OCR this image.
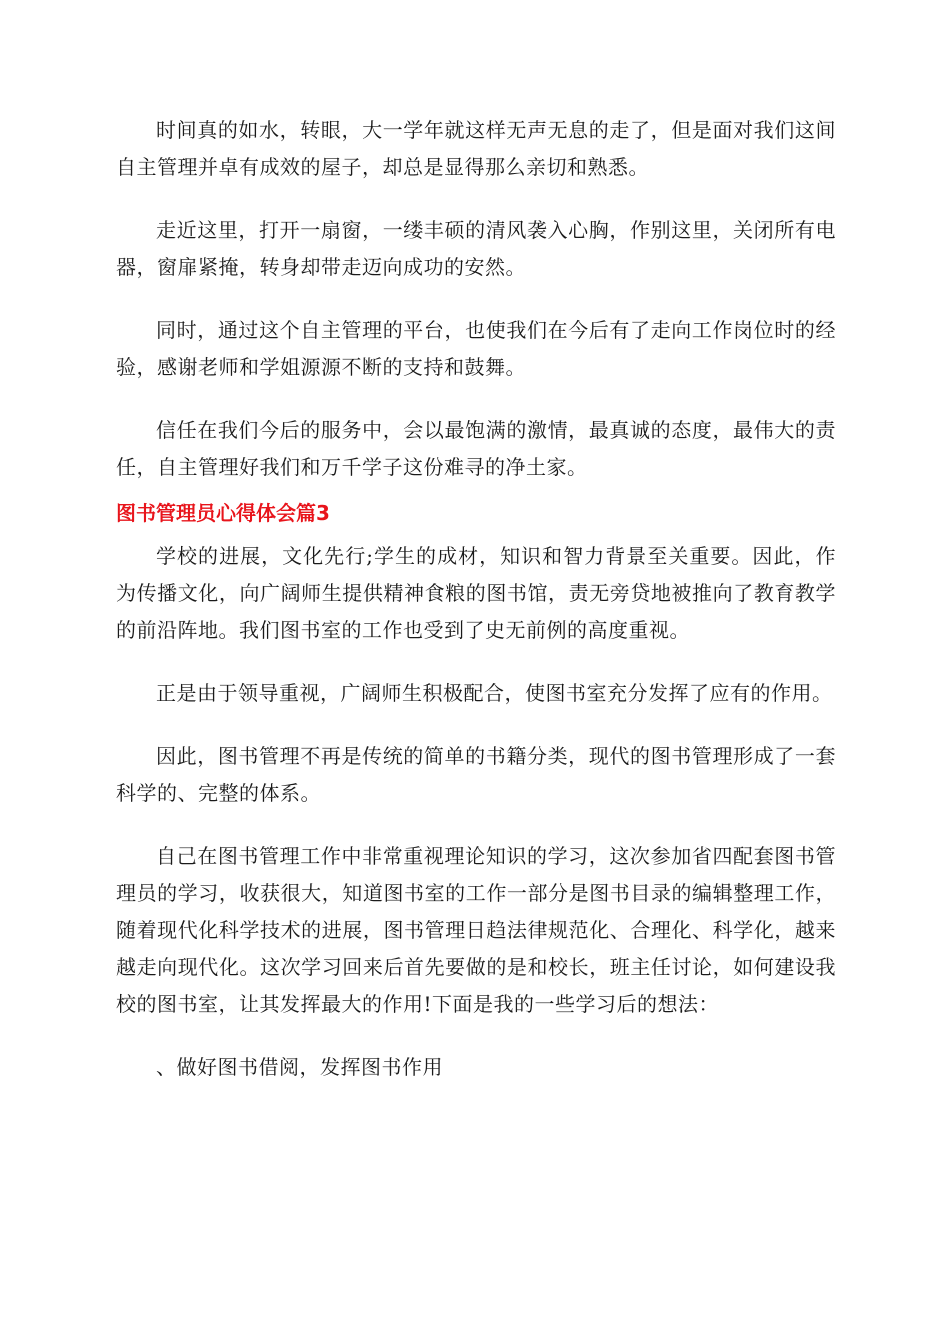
时间真的如水，转眼，大一学年就这样无声无息的走了，但是面对我们这间自主管理并卓有成效的屋子，却总是显得那么亲切和熟悉。

走近这里，打开一扇窗，一缕丰硕的清风袭入心胸，作别这里，关闭所有电器，窗扉紧掩，转身却带走迈向成功的安然。

同时，通过这个自主管理的平台，也使我们在今后有了走向工作岗位时的经验，感谢老师和学姐源源不断的支持和鼓舞。

信任在我们今后的服务中，会以最饱满的激情，最真诚的态度，最伟大的责任，自主管理好我们和万千学子这份难寻的净土家。

图书管理员心得体会篇3

学校的进展，文化先行;学生的成材，知识和智力背景至关重要。因此，作为传播文化，向广阔师生提供精神食粮的图书馆，责无旁贷地被推向了教育教学的前沿阵地。我们图书室的工作也受到了史无前例的高度重视。

正是由于领导重视，广阔师生积极配合，使图书室充分发挥了应有的作用。

因此，图书管理不再是传统的简单的书籍分类，现代的图书管理形成了一套科学的、完整的体系。

自己在图书管理工作中非常重视理论知识的学习，这次参加省四配套图书管理员的学习，收获很大，知道图书室的工作一部分是图书目录的编辑整理工作，随着现代化科学技术的进展，图书管理日趋法律规范化、合理化、科学化，越来越走向现代化。这次学习回来后首先要做的是和校长，班主任讨论，如何建设我校的图书室，让其发挥最大的作用!下面是我的一些学习后的想法：

、做好图书借阅，发挥图书作用
